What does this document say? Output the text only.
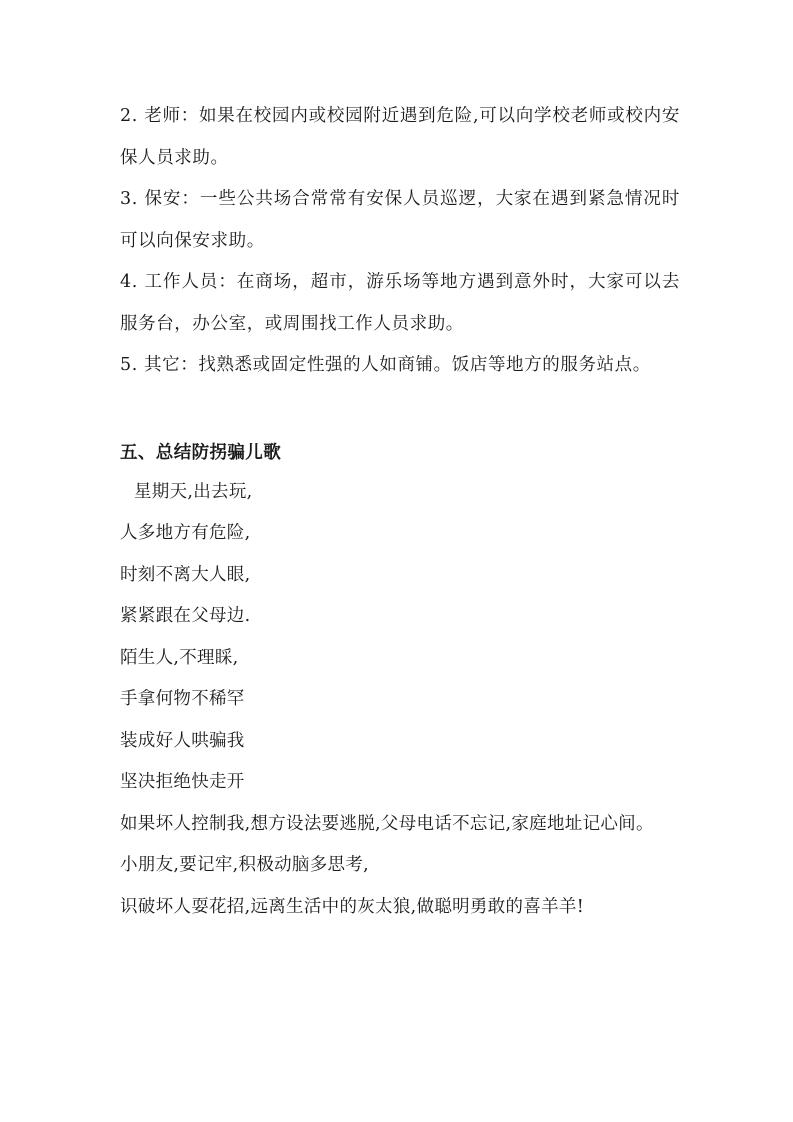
2. 老师：如果在校园内或校园附近遇到危险,可以向学校老师或校内安保人员求助。

3. 保安：一些公共场合常常有安保人员巡逻，大家在遇到紧急情况时可以向保安求助。

4. 工作人员：在商场，超市，游乐场等地方遇到意外时，大家可以去服务台，办公室，或周围找工作人员求助。

5. 其它：找熟悉或固定性强的人如商铺。饭店等地方的服务站点。

五、总结防拐骗儿歌
星期天,出去玩,
人多地方有危险,
时刻不离大人眼,
紧紧跟在父母边.
陌生人,不理睬,
手拿何物不稀罕
装成好人哄骗我
坚决拒绝快走开
如果坏人控制我,想方设法要逃脱,父母电话不忘记,家庭地址记心间。
小朋友,要记牢,积极动脑多思考,
识破坏人耍花招,远离生活中的灰太狼,做聪明勇敢的喜羊羊!
